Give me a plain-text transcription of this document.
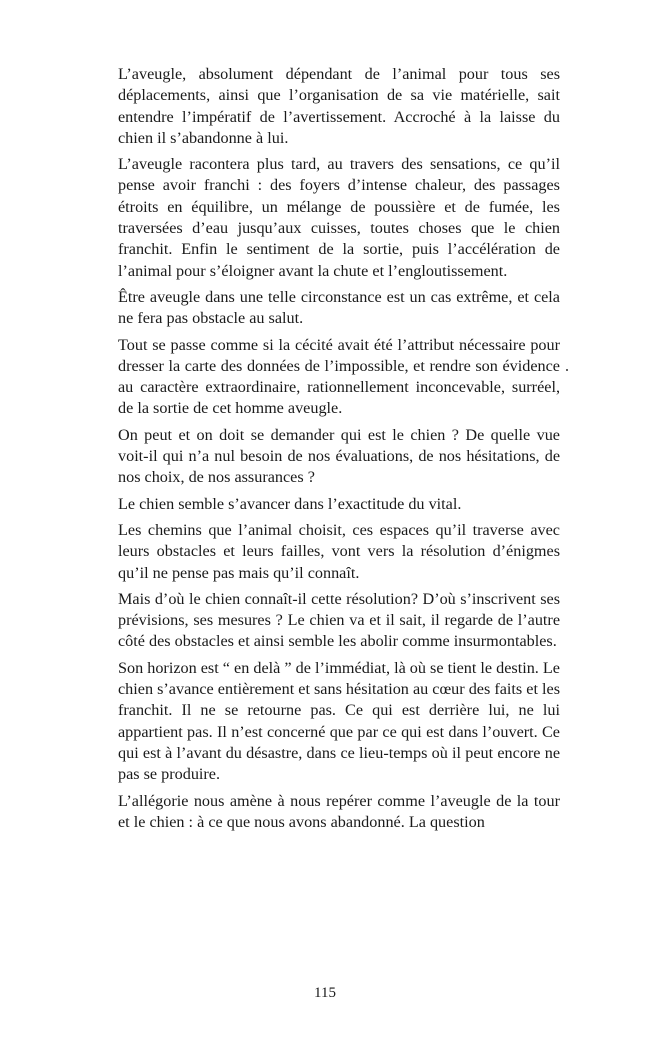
L’aveugle, absolument dépendant de l’animal pour tous ses déplacements, ainsi que l’organisation de sa vie matérielle, sait entendre l’impératif de l’avertissement. Accroché à la laisse du chien il s’abandonne à lui.

L’aveugle racontera plus tard, au travers des sensations, ce qu’il pense avoir franchi : des foyers d’intense chaleur, des passages étroits en équilibre, un mélange de poussière et de fumée, les traversées d’eau jusqu’aux cuisses, toutes choses que le chien franchit. Enfin le sentiment de la sortie, puis l’accélération de l’animal pour s’éloigner avant la chute et l’engloutissement.

Être aveugle dans une telle circonstance est un cas extrême, et cela ne fera pas obstacle au salut.

Tout se passe comme si la cécité avait été l’attribut nécessaire pour dresser la carte des données de l’impossible, et rendre son évidence au caractère extraordinaire, rationnellement inconcevable, surréel, de la sortie de cet homme aveugle.

On peut et on doit se demander qui est le chien ? De quelle vue voit-il qui n’a nul besoin de nos évaluations, de nos hésitations, de nos choix, de nos assurances ?

Le chien semble s’avancer dans l’exactitude du vital.

Les chemins que l’animal choisit, ces espaces qu’il traverse avec leurs obstacles et leurs failles, vont vers la résolution d’énigmes qu’il ne pense pas mais qu’il connaît.

Mais d’où le chien connaît-il cette résolution? D’où s’inscrivent ses prévisions, ses mesures ? Le chien va et il sait, il regarde de l’autre côté des obstacles et ainsi semble les abolir comme insurmontables.

Son horizon est “ en delà ” de l’immédiat, là où se tient le destin. Le chien s’avance entièrement et sans hésitation au cœur des faits et les franchit. Il ne se retourne pas. Ce qui est derrière lui, ne lui appartient pas. Il n’est concerné que par ce qui est dans l’ouvert. Ce qui est à l’avant du désastre, dans ce lieu-temps où il peut encore ne pas se produire.

L’allégorie nous amène à nous repérer comme l’aveugle de la tour et le chien : à ce que nous avons abandonné. La question

115
